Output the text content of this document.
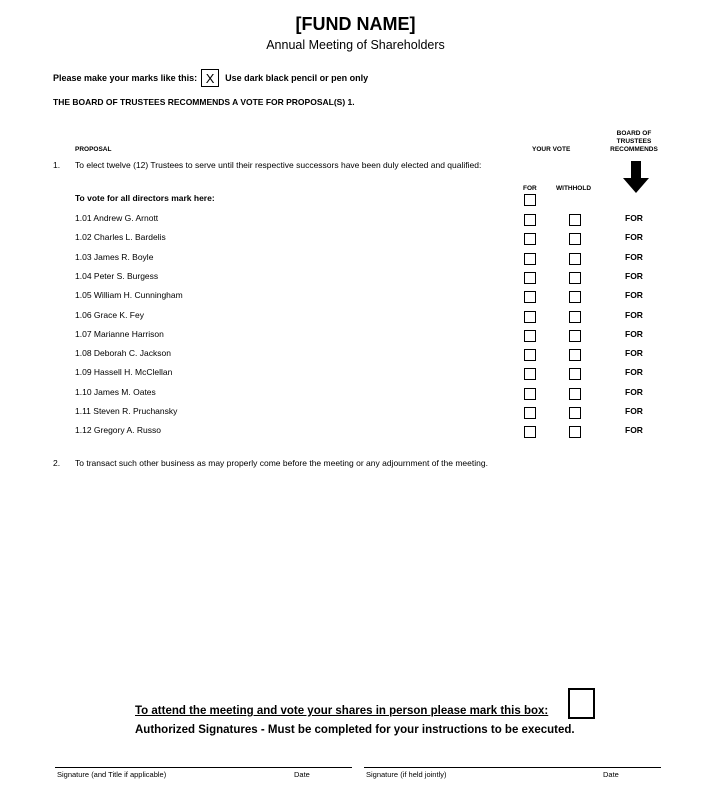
[FUND NAME]
Annual Meeting of Shareholders
Please make your marks like this: X	Use dark black pencil or pen only
THE BOARD OF TRUSTEES RECOMMENDS A VOTE FOR PROPOSAL(S) 1.
PROPOSAL	YOUR VOTE
BOARD OF
TRUSTEES
RECOMMENDS
1. To elect twelve (12) Trustees to serve until their respective successors have been duly elected and qualified:
FOR	WITHHOLD
To vote for all directors mark here:
1.01 Andrew G. Arnott	FOR
1.02 Charles L. Bardelis	FOR
1.03 James R. Boyle	FOR
1.04 Peter S. Burgess	FOR
1.05 William H. Cunningham	FOR
1.06 Grace K. Fey	FOR
1.07 Marianne Harrison	FOR
1.08 Deborah C. Jackson	FOR
1.09 Hassell H. McClellan	FOR
1.10 James M. Oates	FOR
1.11 Steven R. Pruchansky	FOR
1.12 Gregory A. Russo	FOR
2. To transact such other business as may properly come before the meeting or any adjournment of the meeting.
To attend the meeting and vote your shares in person please mark this box:
Authorized Signatures - Must be completed for your instructions to be executed.
Signature (and Title if applicable)	Date	Signature (if held jointly)	Date
